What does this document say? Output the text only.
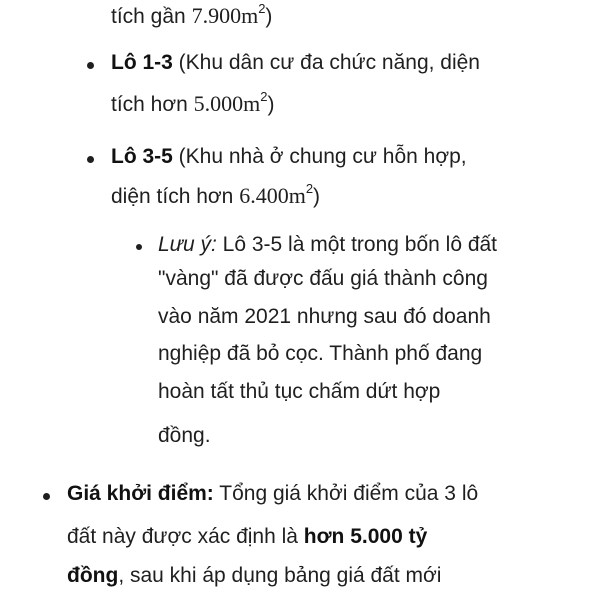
tích gần $7.900m^2$)
Lô 1-3 (Khu dân cư đa chức năng, diện
tích hơn $5.000m^2$)
Lô 3-5 (Khu nhà ở chung cư hỗn hợp,
diện tích hơn $6.400m^2$)
Lưu ý: Lô 3-5 là một trong bốn lô đất
"vàng" đã được đấu giá thành công
vào năm 2021 nhưng sau đó doanh
nghiệp đã bỏ cọc. Thành phố đang
hoàn tất thủ tục chấm dứt hợp
đồng.
Giá khởi điểm: Tổng giá khởi điểm của 3 lô
đất này được xác định là hơn 5.000 tỷ
đồng, sau khi áp dụng bảng giá đất mới
